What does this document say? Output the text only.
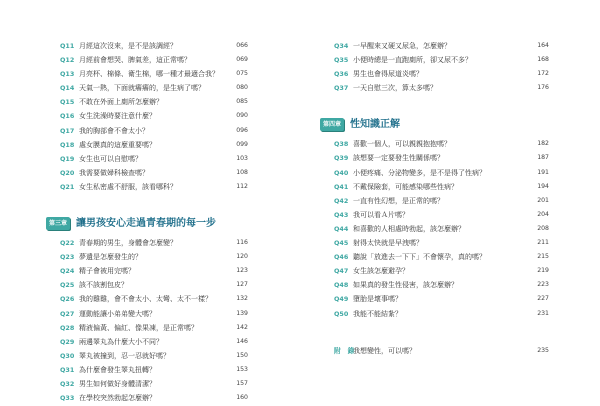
Q11 月經這次沒來，是不是該調經？	066
Q12 月經前會想哭、脾氣差，這正常嗎？	069
Q13 月亮杯、棉條、衛生棉，哪一種才最適合我？	075
Q14 天氣一熱，下面就癢癢的，是生病了嗎？	080
Q15 不敢在外面上廁所怎麼辦？	085
Q16 女生洗澡時要注意什麼？	090
Q17 我的胸部會不會太小？	096
Q18 處女膜真的這麼重要嗎？	099
Q19 女生也可以自慰嗎？	103
Q20 我需要做婦科檢查嗎？	108
Q21 女生私密處不舒服，該看哪科？	112
第三章 讓男孩安心走過青春期的每一步
Q22 青春期的男生，身體會怎麼變？	116
Q23 夢遺是怎麼發生的？	120
Q24 精子會被用完嗎？	123
Q25 該不該割包皮？	127
Q26 我的雞雞，會不會太小、太彎、太不一樣？	132
Q27 運動能讓小弟弟變大嗎？	139
Q28 精液偏黃、偏紅、像果凍，是正常嗎？	142
Q29 兩邊睪丸為什麼大小不同？	146
Q30 睪丸被撞到，忍一忍就好嗎？	150
Q31 為什麼會發生睪丸扭轉？	153
Q32 男生如何做好身體清潔？	157
Q33 在學校突然勃起怎麼辦？	160
Q34 一早醒來又硬又尿急，怎麼辦？	164
Q35 小便時總是一直跑廁所，卻又尿不多？	168
Q36 男生也會得尿道炎嗎？	172
Q37 一天自慰三次，算太多嗎？	176
第四章 性知識正解
Q38 喜歡一個人，可以親親抱抱嗎？	182
Q39 該想要一定要發生性關係嗎？	187
Q40 小便疼痛、分泌物變多，是不是得了性病？	191
Q41 不戴保險套，可能感染哪些性病？	194
Q42 一直有性幻想，是正常的嗎？	201
Q43 我可以看Ａ片嗎？	204
Q44 和喜歡的人相處時勃起，該怎麼辦？	208
Q45 射得太快就是早洩嗎？	211
Q46 聽說「放進去一下下」不會懷孕，真的嗎？	215
Q47 女生該怎麼避孕？	219
Q48 如果真的發生性侵害，該怎麼辦？	223
Q49 墮胎是壞事嗎？	227
Q50 我能不能結紮？	231
附　錄
我想變性，可以嗎？	235
